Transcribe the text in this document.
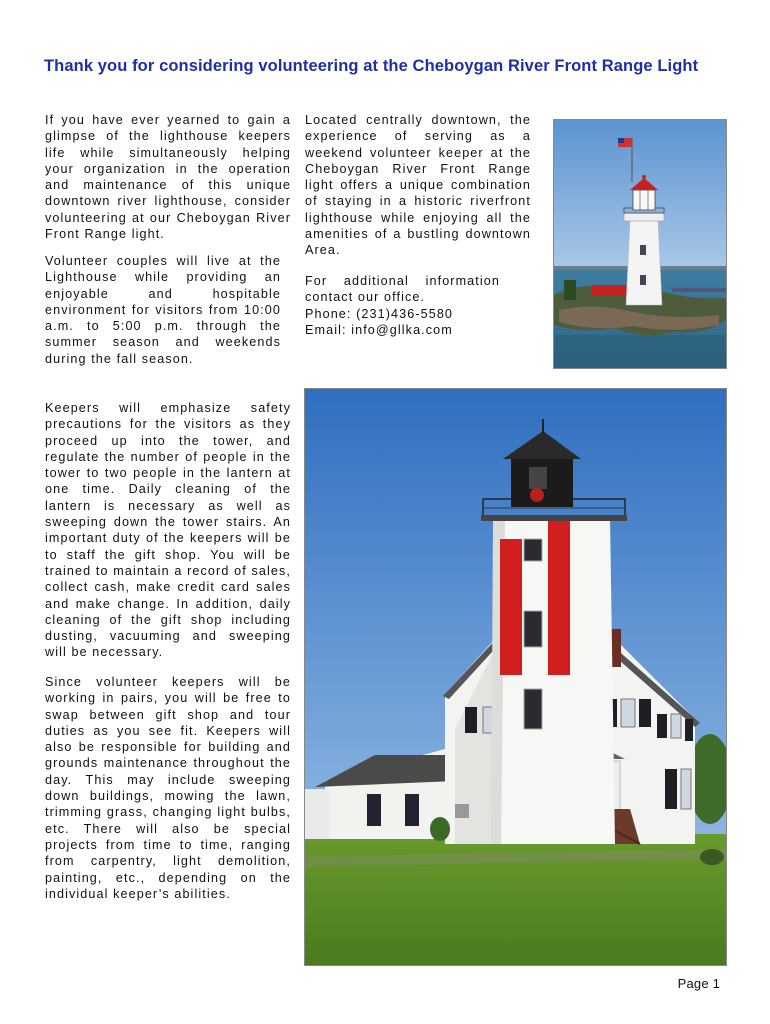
Thank you for considering volunteering at the Cheboygan River Front Range Light

If you have ever yearned to gain a glimpse of the lighthouse keepers life while simultaneously helping your organization in the operation and maintenance of this unique downtown river lighthouse, consider volunteering at our Cheboygan River Front Range light.

Volunteer couples will live at the Lighthouse while providing an enjoyable and hospitable environment for visitors from 10:00 a.m. to 5:00 p.m. through the summer season and weekends during the fall season.

Keepers will emphasize safety precautions for the visitors as they proceed up into the tower, and regulate the number of people in the tower to two people in the lantern at one time. Daily cleaning of the lantern is necessary as well as sweeping down the tower stairs. An important duty of the keepers will be to staff the gift shop. You will be trained to maintain a record of sales, collect cash, make credit card sales and make change. In addition, daily cleaning of the gift shop including dusting, vacuuming and sweeping will be necessary.

Since volunteer keepers will be working in pairs, you will be free to swap between gift shop and tour duties as you see fit. Keepers will also be responsible for building and grounds maintenance throughout the day. This may include sweeping down buildings, mowing the lawn, trimming grass, changing light bulbs, etc. There will also be special projects from time to time, ranging from carpentry, light demolition, painting, etc., depending on the individual keeper’s abilities.

Located centrally downtown, the experience of serving as a weekend volunteer keeper at the Cheboygan River Front Range light offers a unique combination of staying in a historic riverfront lighthouse while enjoying all the amenities of a bustling downtown Area.

For additional information contact our office.

Phone: (231)436-5580

Email: info@gllka.com

Page 1
